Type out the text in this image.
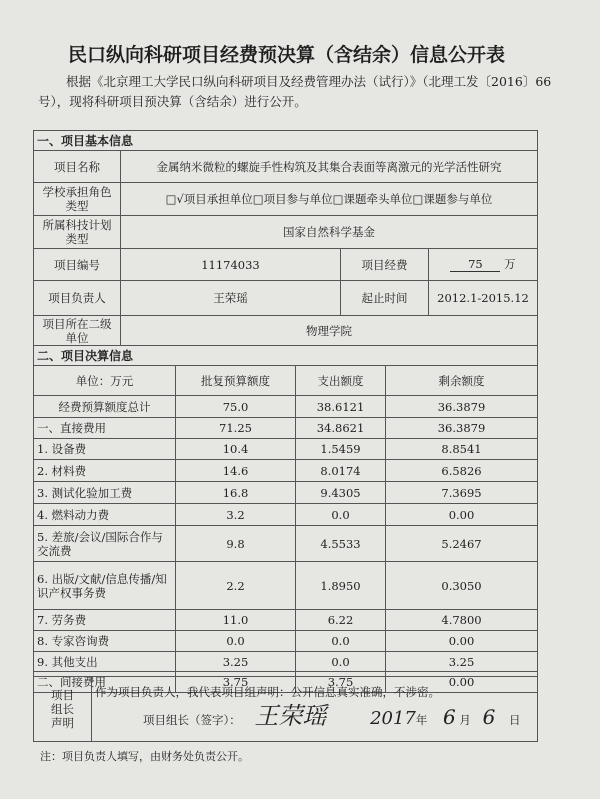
民口纵向科研项目经费预决算（含结余）信息公开表
根据《北京理工大学民口纵向科研项目及经费管理办法（试行）》（北理工发〔2016〕66号），现将科研项目预决算（含结余）进行公开。
一、项目基本信息			
项目名称	金属纳米微粒的螺旋手性构筑及其集合表面等离激元的光学活性研究		
学校承担角色类型	□√项目承担单位□项目参与单位□课题牵头单位□课题参与单位		
所属科技计划类型	国家自然科学基金		
项目编号	11174033	项目经费	75 万
项目负责人	王荣瑶	起止时间	2012.1-2015.12
项目所在二级单位	物理学院		
二、项目决算信息			
单位：万元	批复预算额度	支出额度	剩余额度
经费预算额度总计	75.0	38.6121	36.3879
一、直接费用	71.25	34.8621	36.3879
1. 设备费	10.4	1.5459	8.8541
2. 材料费	14.6	8.0174	6.5826
3. 测试化验加工费	16.8	9.4305	7.3695
4. 燃料动力费	3.2	0.0	0.00
5. 差旅/会议/国际合作与交流费	9.8	4.5533	5.2467
6. 出版/文献/信息传播/知识产权事务费	2.2	1.8950	0.3050
7. 劳务费	11.0	6.22	4.7800
8. 专家咨询费	0.0	0.0	0.00
9. 其他支出	3.25	0.0	3.25
二、间接费用	3.75	3.75	0.00
项目组长声明	
作为项目负责人，我代表项目组声明：公开信息真实准确，不涉密。
项目组长（签字）： 王荣瑶 2017年 6 月 6 日
注：项目负责人填写，由财务处负责公开。
